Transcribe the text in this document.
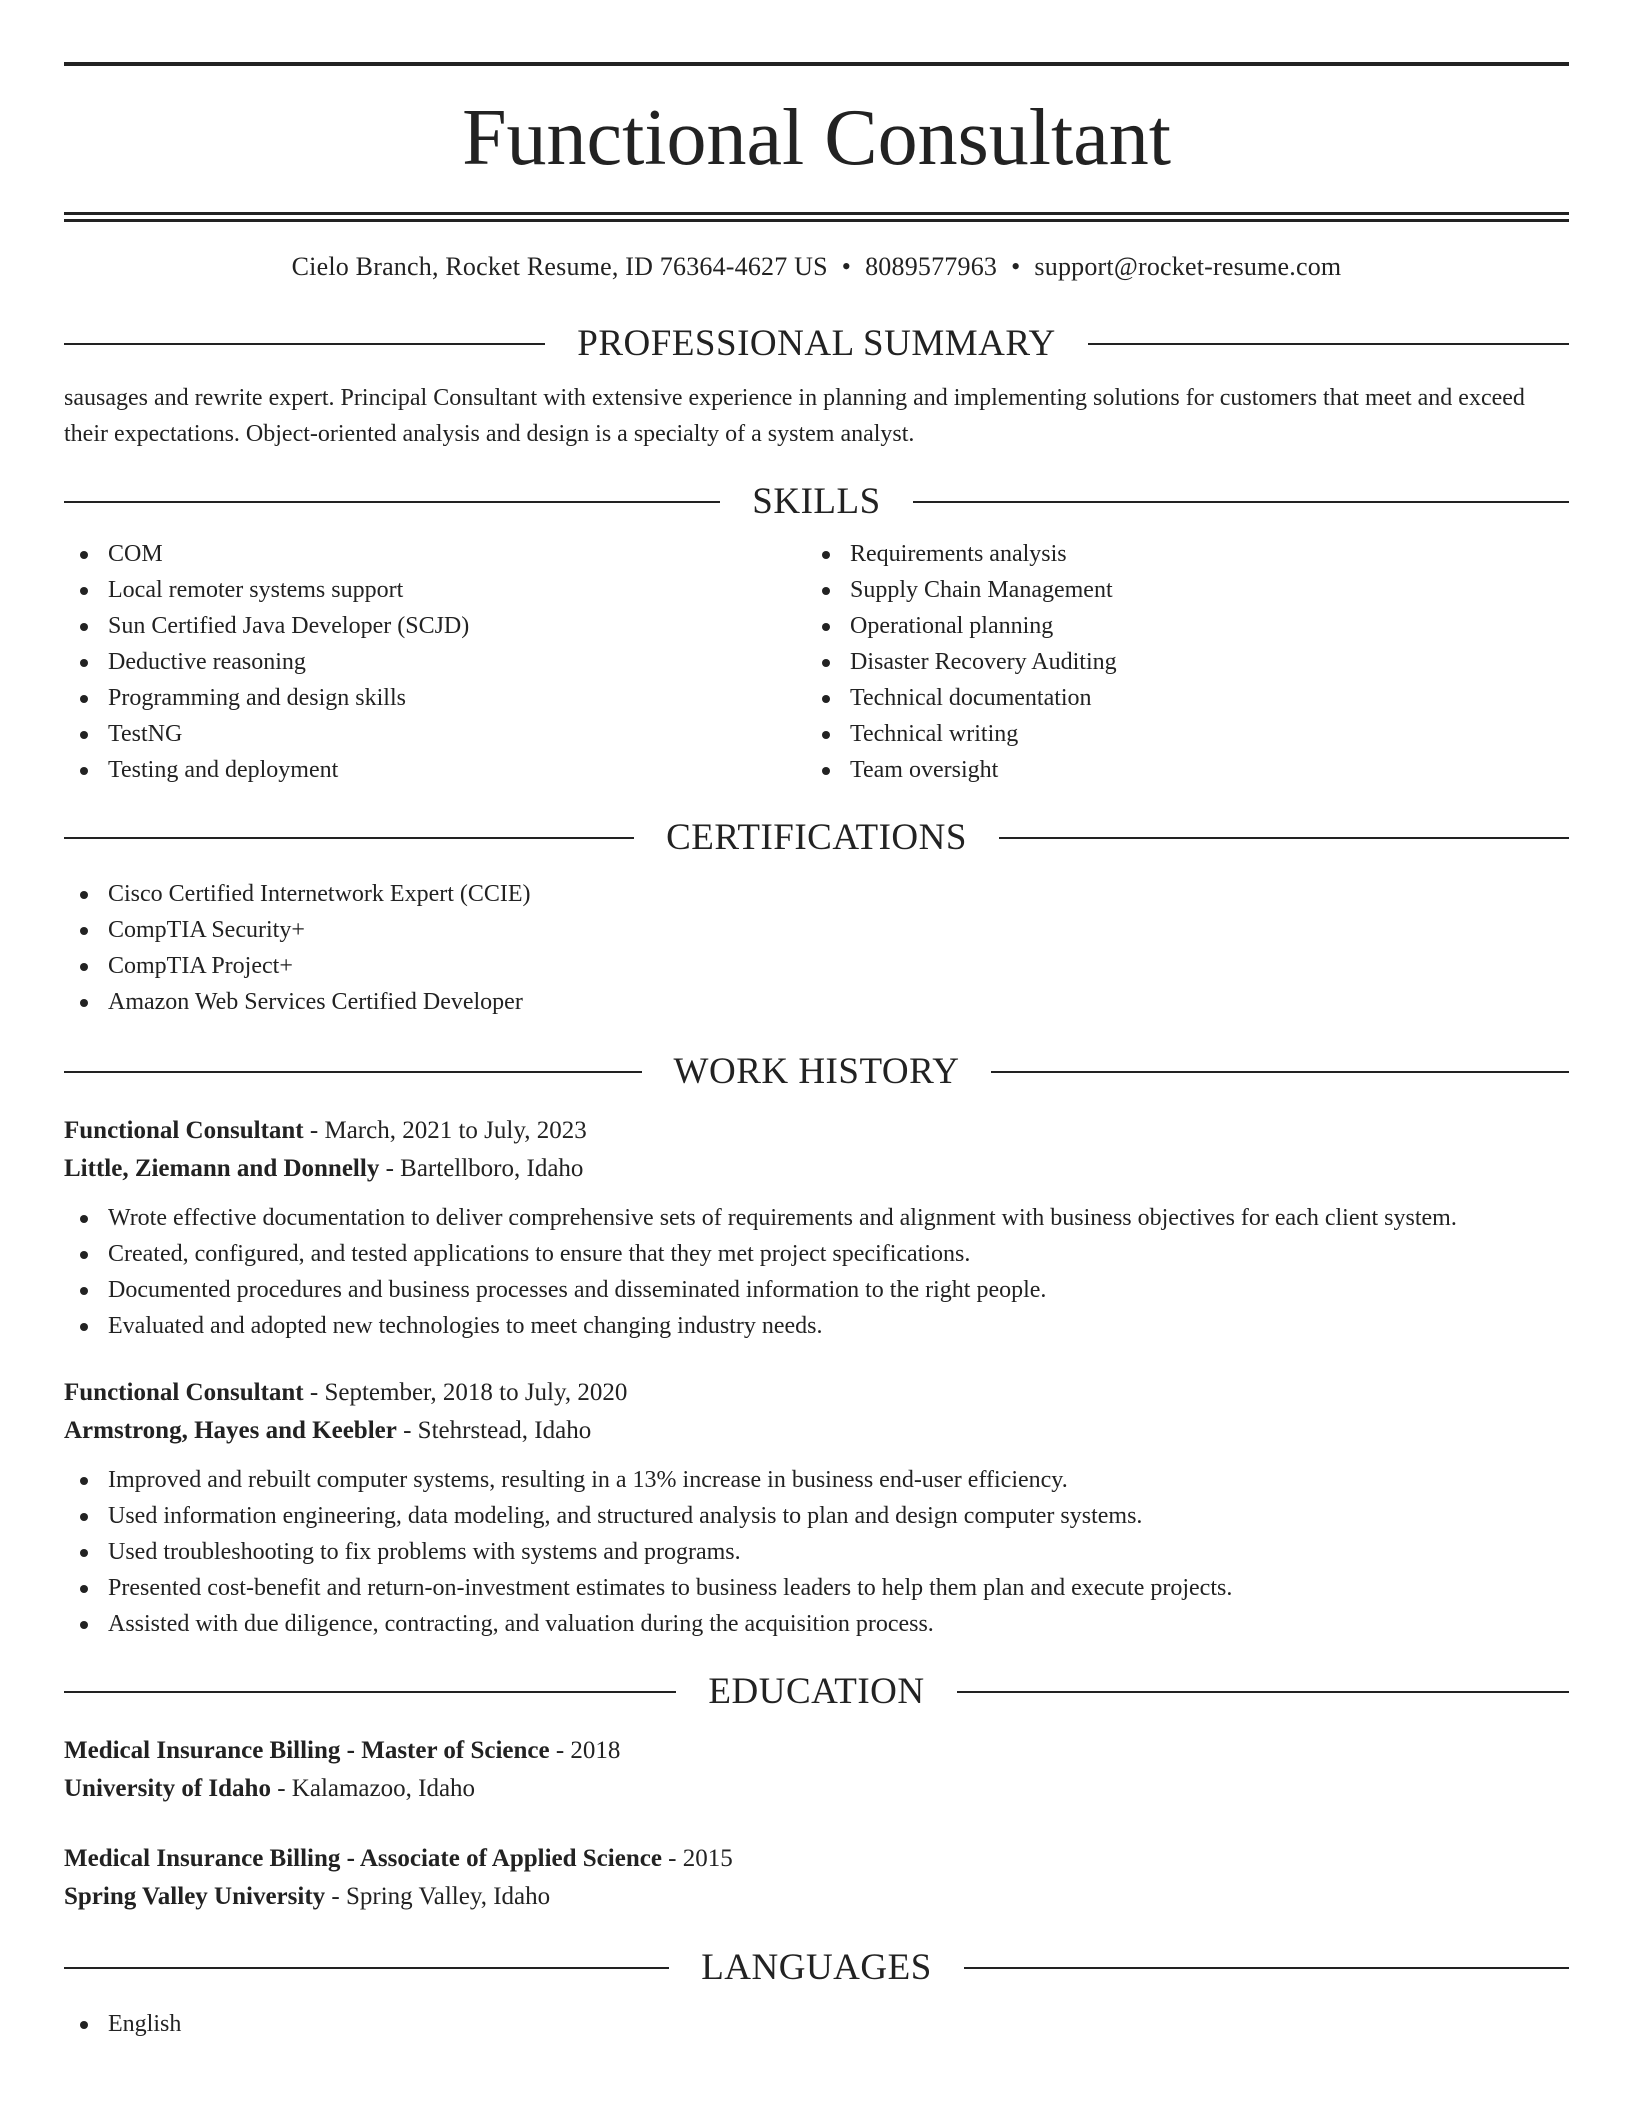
Functional Consultant
Cielo Branch, Rocket Resume, ID 76364-4627 US • 8089577963 • support@rocket-resume.com
PROFESSIONAL SUMMARY
sausages and rewrite expert. Principal Consultant with extensive experience in planning and implementing solutions for customers that meet and exceed their expectations. Object-oriented analysis and design is a specialty of a system analyst.
SKILLS
COM
Local remoter systems support
Sun Certified Java Developer (SCJD)
Deductive reasoning
Programming and design skills
TestNG
Testing and deployment
Requirements analysis
Supply Chain Management
Operational planning
Disaster Recovery Auditing
Technical documentation
Technical writing
Team oversight
CERTIFICATIONS
Cisco Certified Internetwork Expert (CCIE)
CompTIA Security+
CompTIA Project+
Amazon Web Services Certified Developer
WORK HISTORY
Functional Consultant - March, 2021 to July, 2023
Little, Ziemann and Donnelly - Bartellboro, Idaho
Wrote effective documentation to deliver comprehensive sets of requirements and alignment with business objectives for each client system.
Created, configured, and tested applications to ensure that they met project specifications.
Documented procedures and business processes and disseminated information to the right people.
Evaluated and adopted new technologies to meet changing industry needs.
Functional Consultant - September, 2018 to July, 2020
Armstrong, Hayes and Keebler - Stehrstead, Idaho
Improved and rebuilt computer systems, resulting in a 13% increase in business end-user efficiency.
Used information engineering, data modeling, and structured analysis to plan and design computer systems.
Used troubleshooting to fix problems with systems and programs.
Presented cost-benefit and return-on-investment estimates to business leaders to help them plan and execute projects.
Assisted with due diligence, contracting, and valuation during the acquisition process.
EDUCATION
Medical Insurance Billing - Master of Science - 2018
University of Idaho - Kalamazoo, Idaho
Medical Insurance Billing - Associate of Applied Science - 2015
Spring Valley University - Spring Valley, Idaho
LANGUAGES
English
